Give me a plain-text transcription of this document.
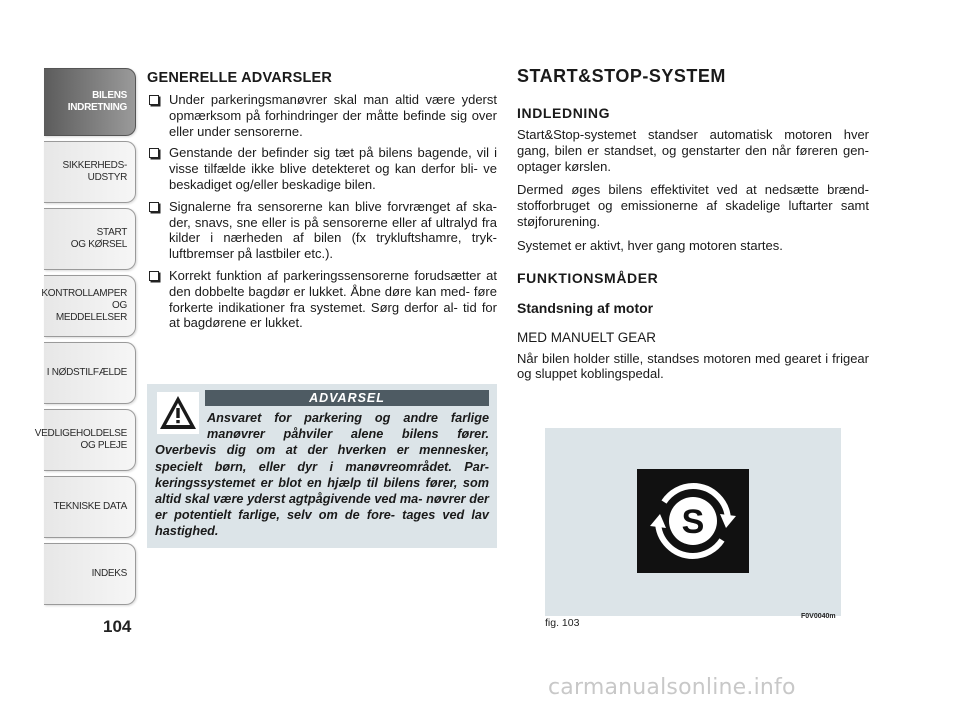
BILENS
INDRETNING
SIKKERHEDS-
UDSTYR
START
OG KØRSEL
KONTROLLAMPER
OG MEDDELELSER
I NØDSTILFÆLDE
VEDLIGEHOLDELSE
OG PLEJE
TEKNISKE DATA
INDEKS
104
GENERELLE ADVARSLER
Under parkeringsmanøvrer skal man altid være yderst opmærksom på forhindringer der måtte befinde sig over eller under sensorerne.
Genstande der befinder sig tæt på bilens bagende, vil i visse tilfælde ikke blive detekteret og kan derfor bli- ve beskadiget og/eller beskadige bilen.
Signalerne fra sensorerne kan blive forvrænget af ska- der, snavs, sne eller is på sensorerne eller af ultralyd fra kilder i nærheden af bilen (fx trykluftshamre, tryk- luftbremser på lastbiler etc.).
Korrekt funktion af parkeringssensorerne forudsætter at den dobbelte bagdør er lukket. Åbne døre kan med- føre forkerte indikationer fra systemet. Sørg derfor al- tid for at bagdørene er lukket.
ADVARSEL
Ansvaret for parkering og andre farlige manøvrer påhviler alene bilens fører. Overbevis dig om at der hverken er mennesker, specielt børn, eller dyr i manøvreområdet. Par- keringssystemet er blot en hjælp til bilens fører, som altid skal være yderst agtpågivende ved ma- nøvrer der er potentielt farlige, selv om de fore- tages ved lav hastighed.
START&STOP-SYSTEM
INDLEDNING

Start&Stop-systemet standser automatisk motoren hver gang, bilen er standset, og genstarter den når føreren gen- optager kørslen.

Dermed øges bilens effektivitet ved at nedsætte brænd- stofforbruget og emissionerne af skadelige luftarter samt støjforurening.

Systemet er aktivt, hver gang motoren startes.

FUNKTIONSMÅDER
Standsning af motor
MED MANUELT GEAR

Når bilen holder stille, standses motoren med gearet i frigear og sluppet koblingspedal.

S
fig. 103
F0V0040m
carmanualsonline.info
